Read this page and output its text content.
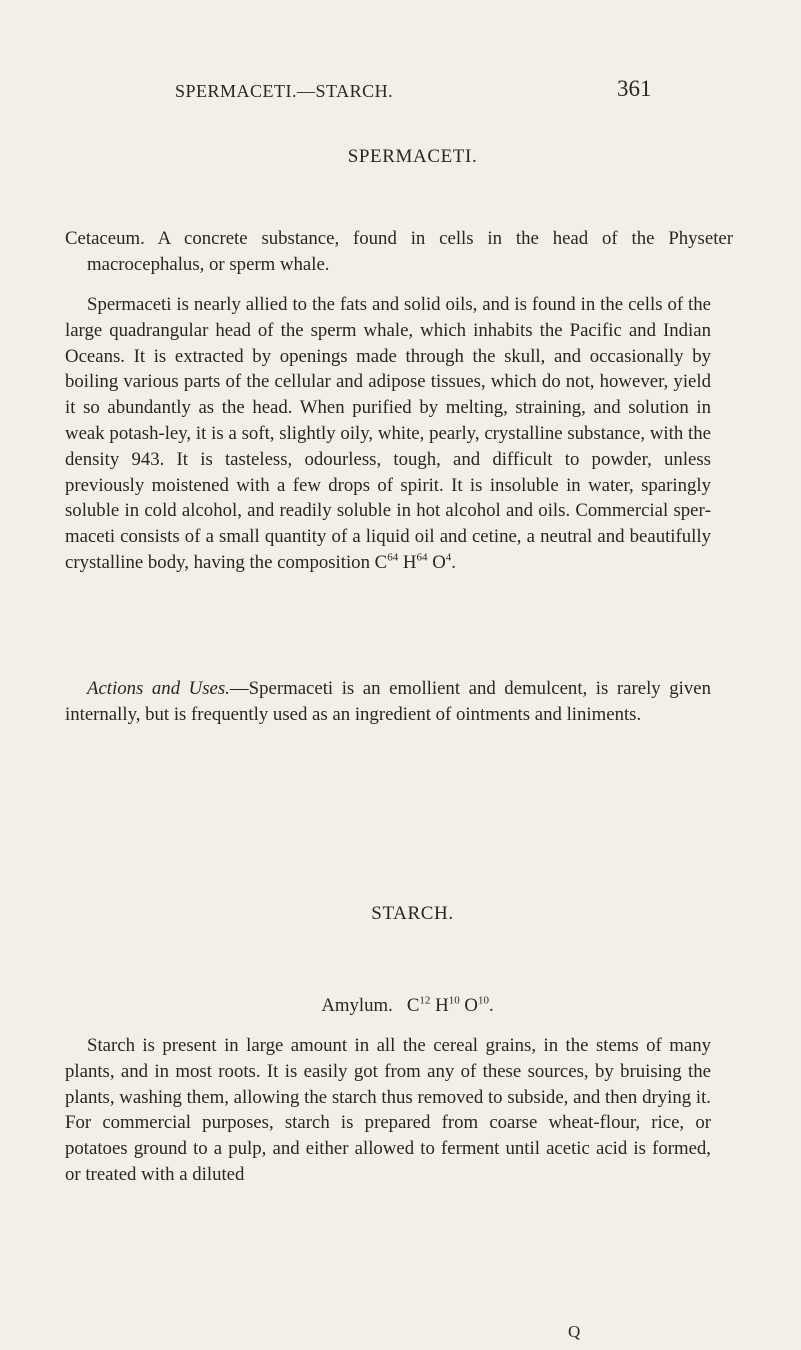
SPERMACETI.—STARCH.	361
SPERMACETI.

Cetaceum. A concrete substance, found in cells in the head of the Physeter macrocephalus, or sperm whale.

Spermaceti is nearly allied to the fats and solid oils, and is found in the cells of the large quadrangular head of the sperm whale, which inhabits the Pacific and Indian Oceans. It is extracted by openings made through the skull, and occasionally by boiling various parts of the cellular and adipose tissues, which do not, however, yield it so abundantly as the head. When purified by melting, straining, and solution in weak potash-ley, it is a soft, slightly oily, white, pearly, crystalline substance, with the density 943. It is tasteless, odourless, tough, and difficult to powder, unless previously moistened with a few drops of spirit. It is insoluble in water, sparingly soluble in cold alcohol, and readily soluble in hot alcohol and oils. Commercial spermaceti consists of a small quantity of a liquid oil and cetine, a neutral and beautifully crystalline body, having the composition $C^{64}$ $H^{64}$ $O^4$.

Actions and Uses.—Spermaceti is an emollient and demulcent, is rarely given internally, but is frequently used as an ingredient of ointments and liniments.

STARCH.
Amylum. $C^{12}$ $H^{10}$ $O^{10}$.

Starch is present in large amount in all the cereal grains, in the stems of many plants, and in most roots. It is easily got from any of these sources, by bruising the plants, washing them, allowing the starch thus removed to subside, and then drying it. For commercial purposes, starch is prepared from coarse wheat-flour, rice, or potatoes ground to a pulp, and either allowed to ferment until acetic acid is formed, or treated with a diluted

Q
